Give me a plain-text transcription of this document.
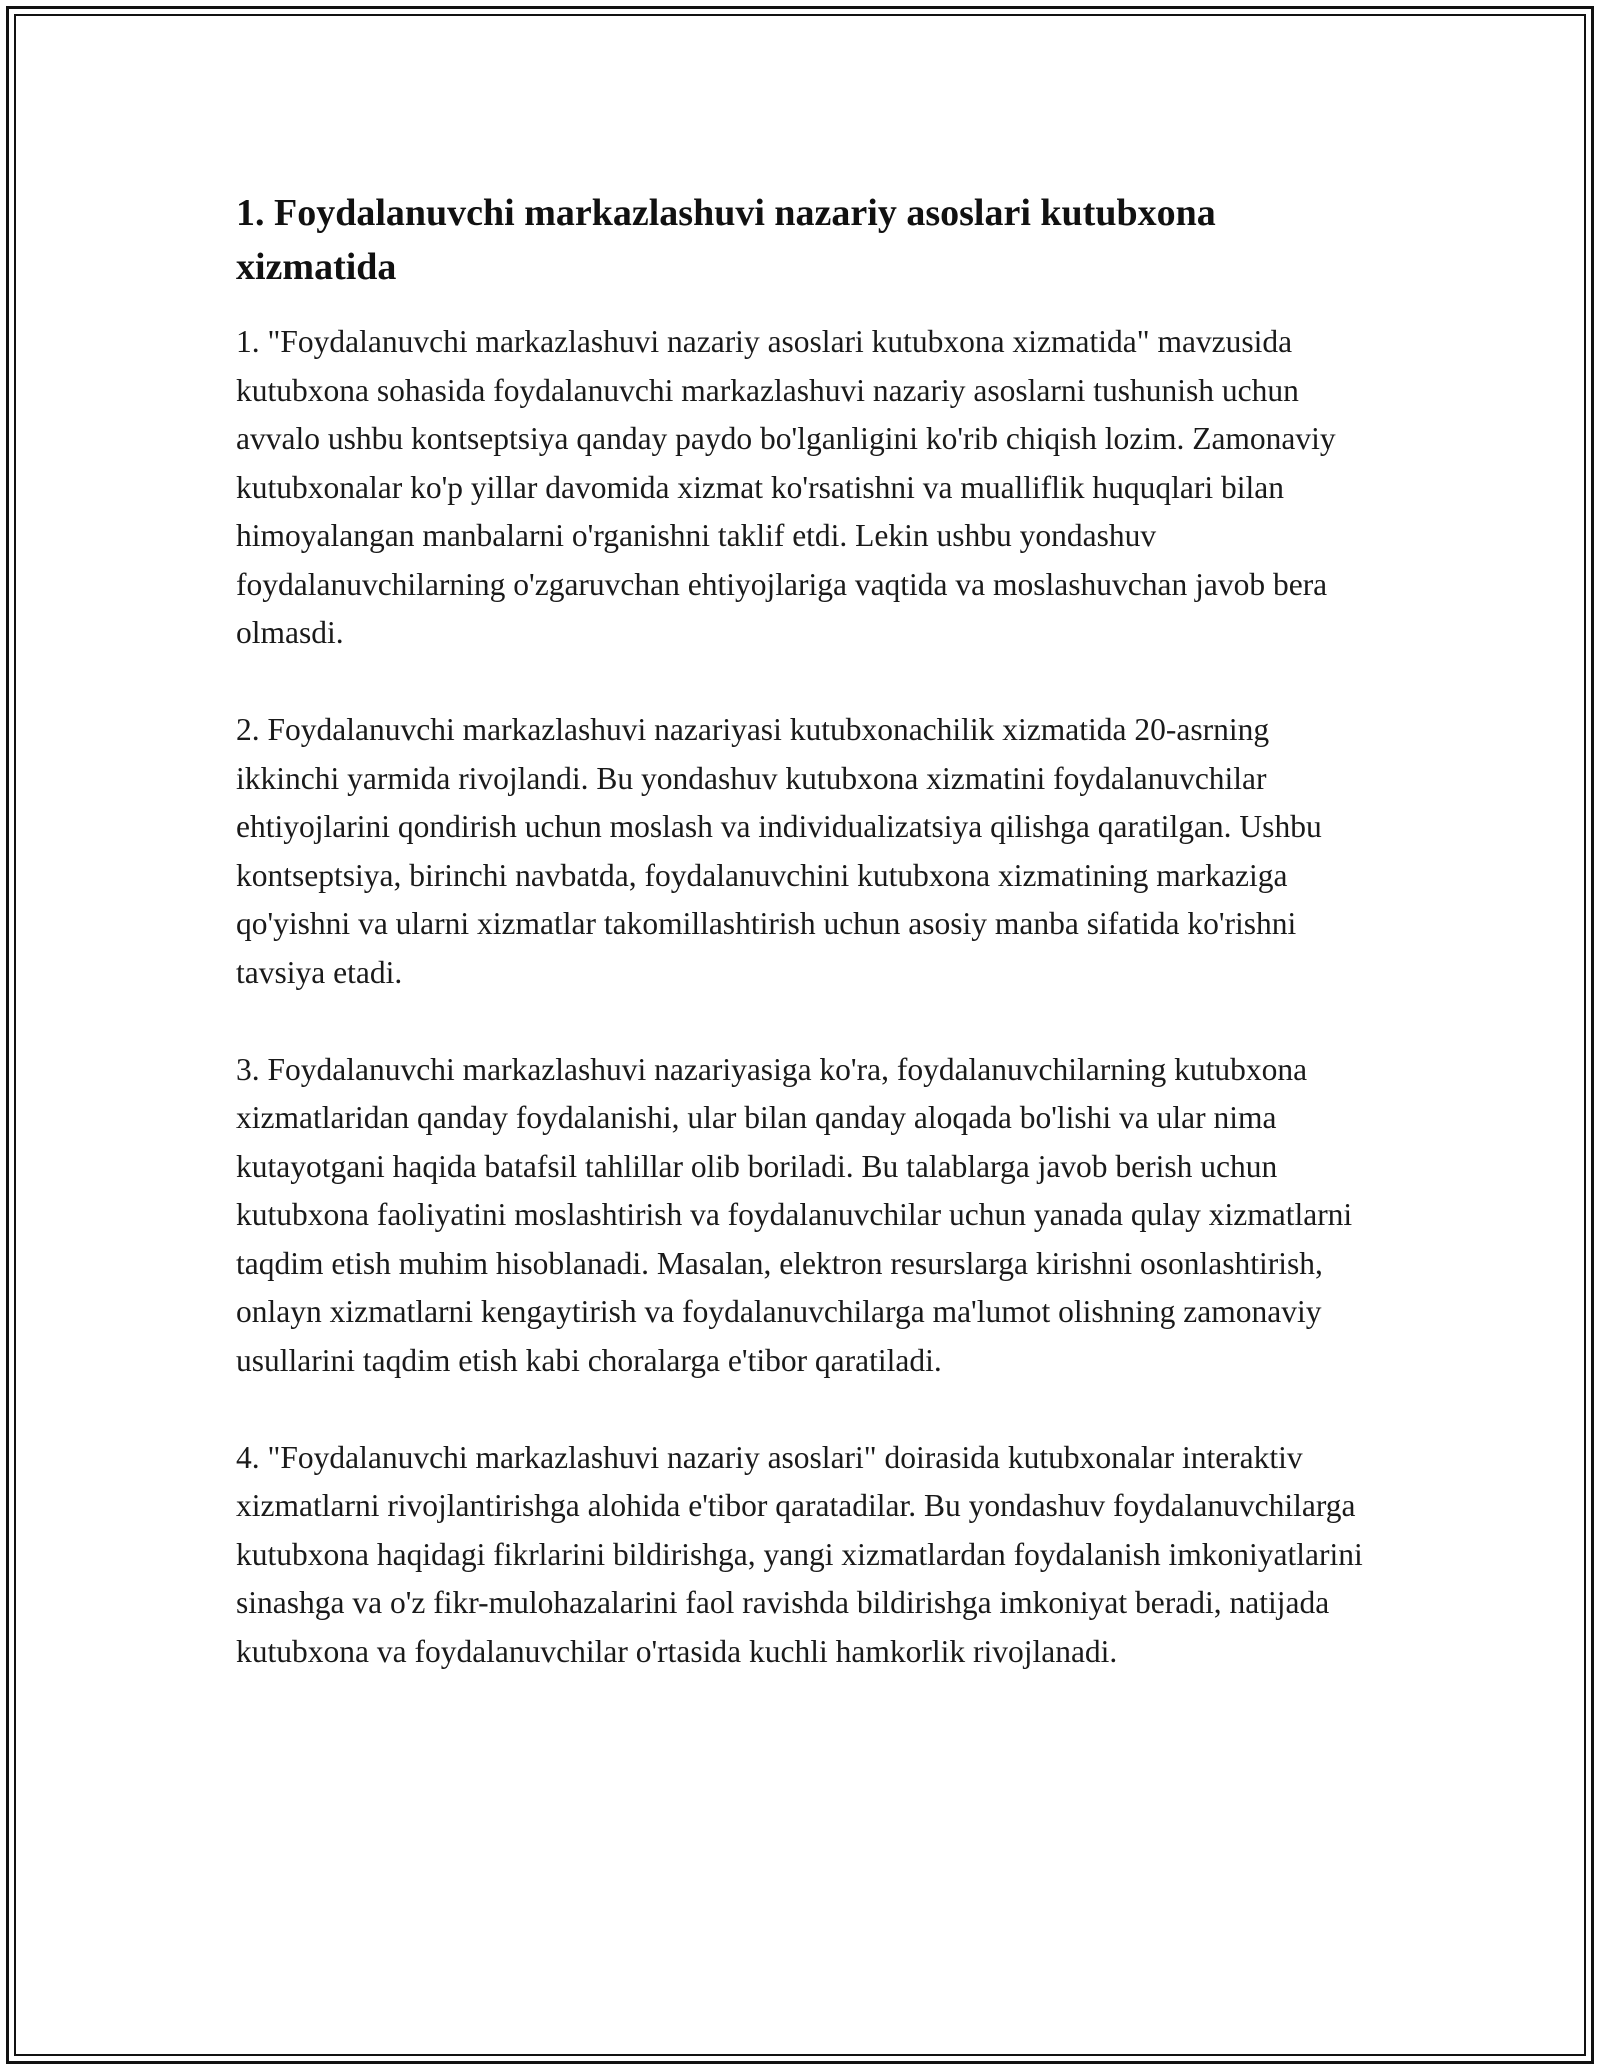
1. Foydalanuvchi markazlashuvi nazariy asoslari kutubxona xizmatida

1. "Foydalanuvchi markazlashuvi nazariy asoslari kutubxona xizmatida" mavzusida kutubxona sohasida foydalanuvchi markazlashuvi nazariy asoslarni tushunish uchun avvalo ushbu kontseptsiya qanday paydo bo'lganligini ko'rib chiqish lozim. Zamonaviy kutubxonalar ko'p yillar davomida xizmat ko'rsatishni va mualliflik huquqlari bilan himoyalangan manbalarni o'rganishni taklif etdi. Lekin ushbu yondashuv foydalanuvchilarning o'zgaruvchan ehtiyojlariga vaqtida va moslashuvchan javob bera olmasdi.

2. Foydalanuvchi markazlashuvi nazariyasi kutubxonachilik xizmatida 20-asrning ikkinchi yarmida rivojlandi. Bu yondashuv kutubxona xizmatini foydalanuvchilar ehtiyojlarini qondirish uchun moslash va individualizatsiya qilishga qaratilgan. Ushbu kontseptsiya, birinchi navbatda, foydalanuvchini kutubxona xizmatining markaziga qo'yishni va ularni xizmatlar takomillashtirish uchun asosiy manba sifatida ko'rishni tavsiya etadi.

3. Foydalanuvchi markazlashuvi nazariyasiga ko'ra, foydalanuvchilarning kutubxona xizmatlaridan qanday foydalanishi, ular bilan qanday aloqada bo'lishi va ular nima kutayotgani haqida batafsil tahlillar olib boriladi. Bu talablarga javob berish uchun kutubxona faoliyatini moslashtirish va foydalanuvchilar uchun yanada qulay xizmatlarni taqdim etish muhim hisoblanadi. Masalan, elektron resurslarga kirishni osonlashtirish, onlayn xizmatlarni kengaytirish va foydalanuvchilarga ma'lumot olishning zamonaviy usullarini taqdim etish kabi choralarga e'tibor qaratiladi.

4. "Foydalanuvchi markazlashuvi nazariy asoslari" doirasida kutubxonalar interaktiv xizmatlarni rivojlantirishga alohida e'tibor qaratadilar. Bu yondashuv foydalanuvchilarga kutubxona haqidagi fikrlarini bildirishga, yangi xizmatlardan foydalanish imkoniyatlarini sinashga va o'z fikr-mulohazalarini faol ravishda bildirishga imkoniyat beradi, natijada kutubxona va foydalanuvchilar o'rtasida kuchli hamkorlik rivojlanadi.
